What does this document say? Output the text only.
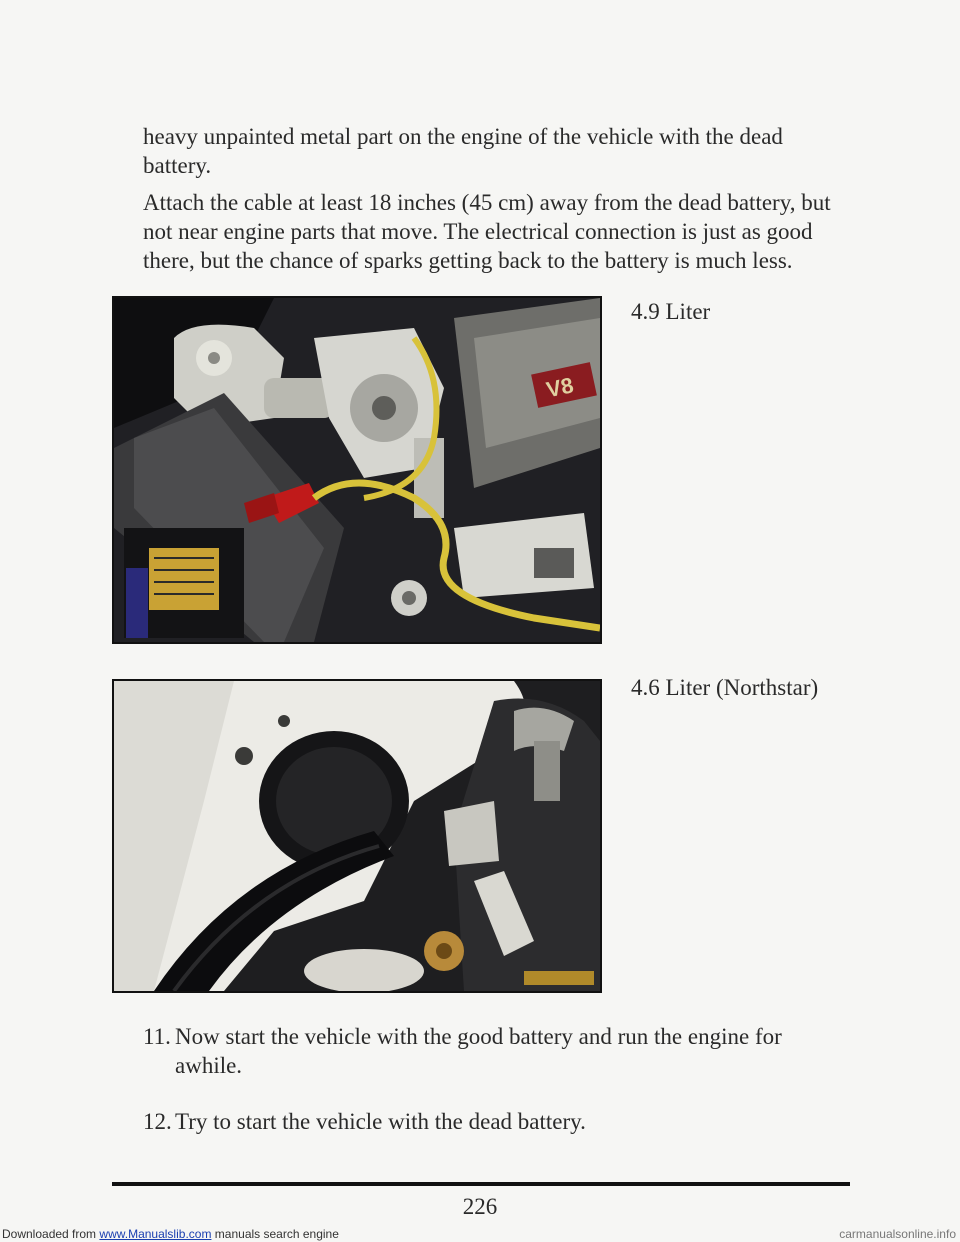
heavy unpainted metal part on the engine of the vehicle with the dead battery.

Attach the cable at least 18 inches (45 cm) away from the dead battery, but not near engine parts that move. The electrical connection is just as good there, but the chance of sparks getting back to the battery is much less.

V8
4.9 Liter
4.6 Liter (Northstar)
11. Now start the vehicle with the good battery and run the engine for
awhile.
12. Try to start the vehicle with the dead battery.
226
Downloaded from www.Manualslib.com manuals search engine	carmanualsonline.info
